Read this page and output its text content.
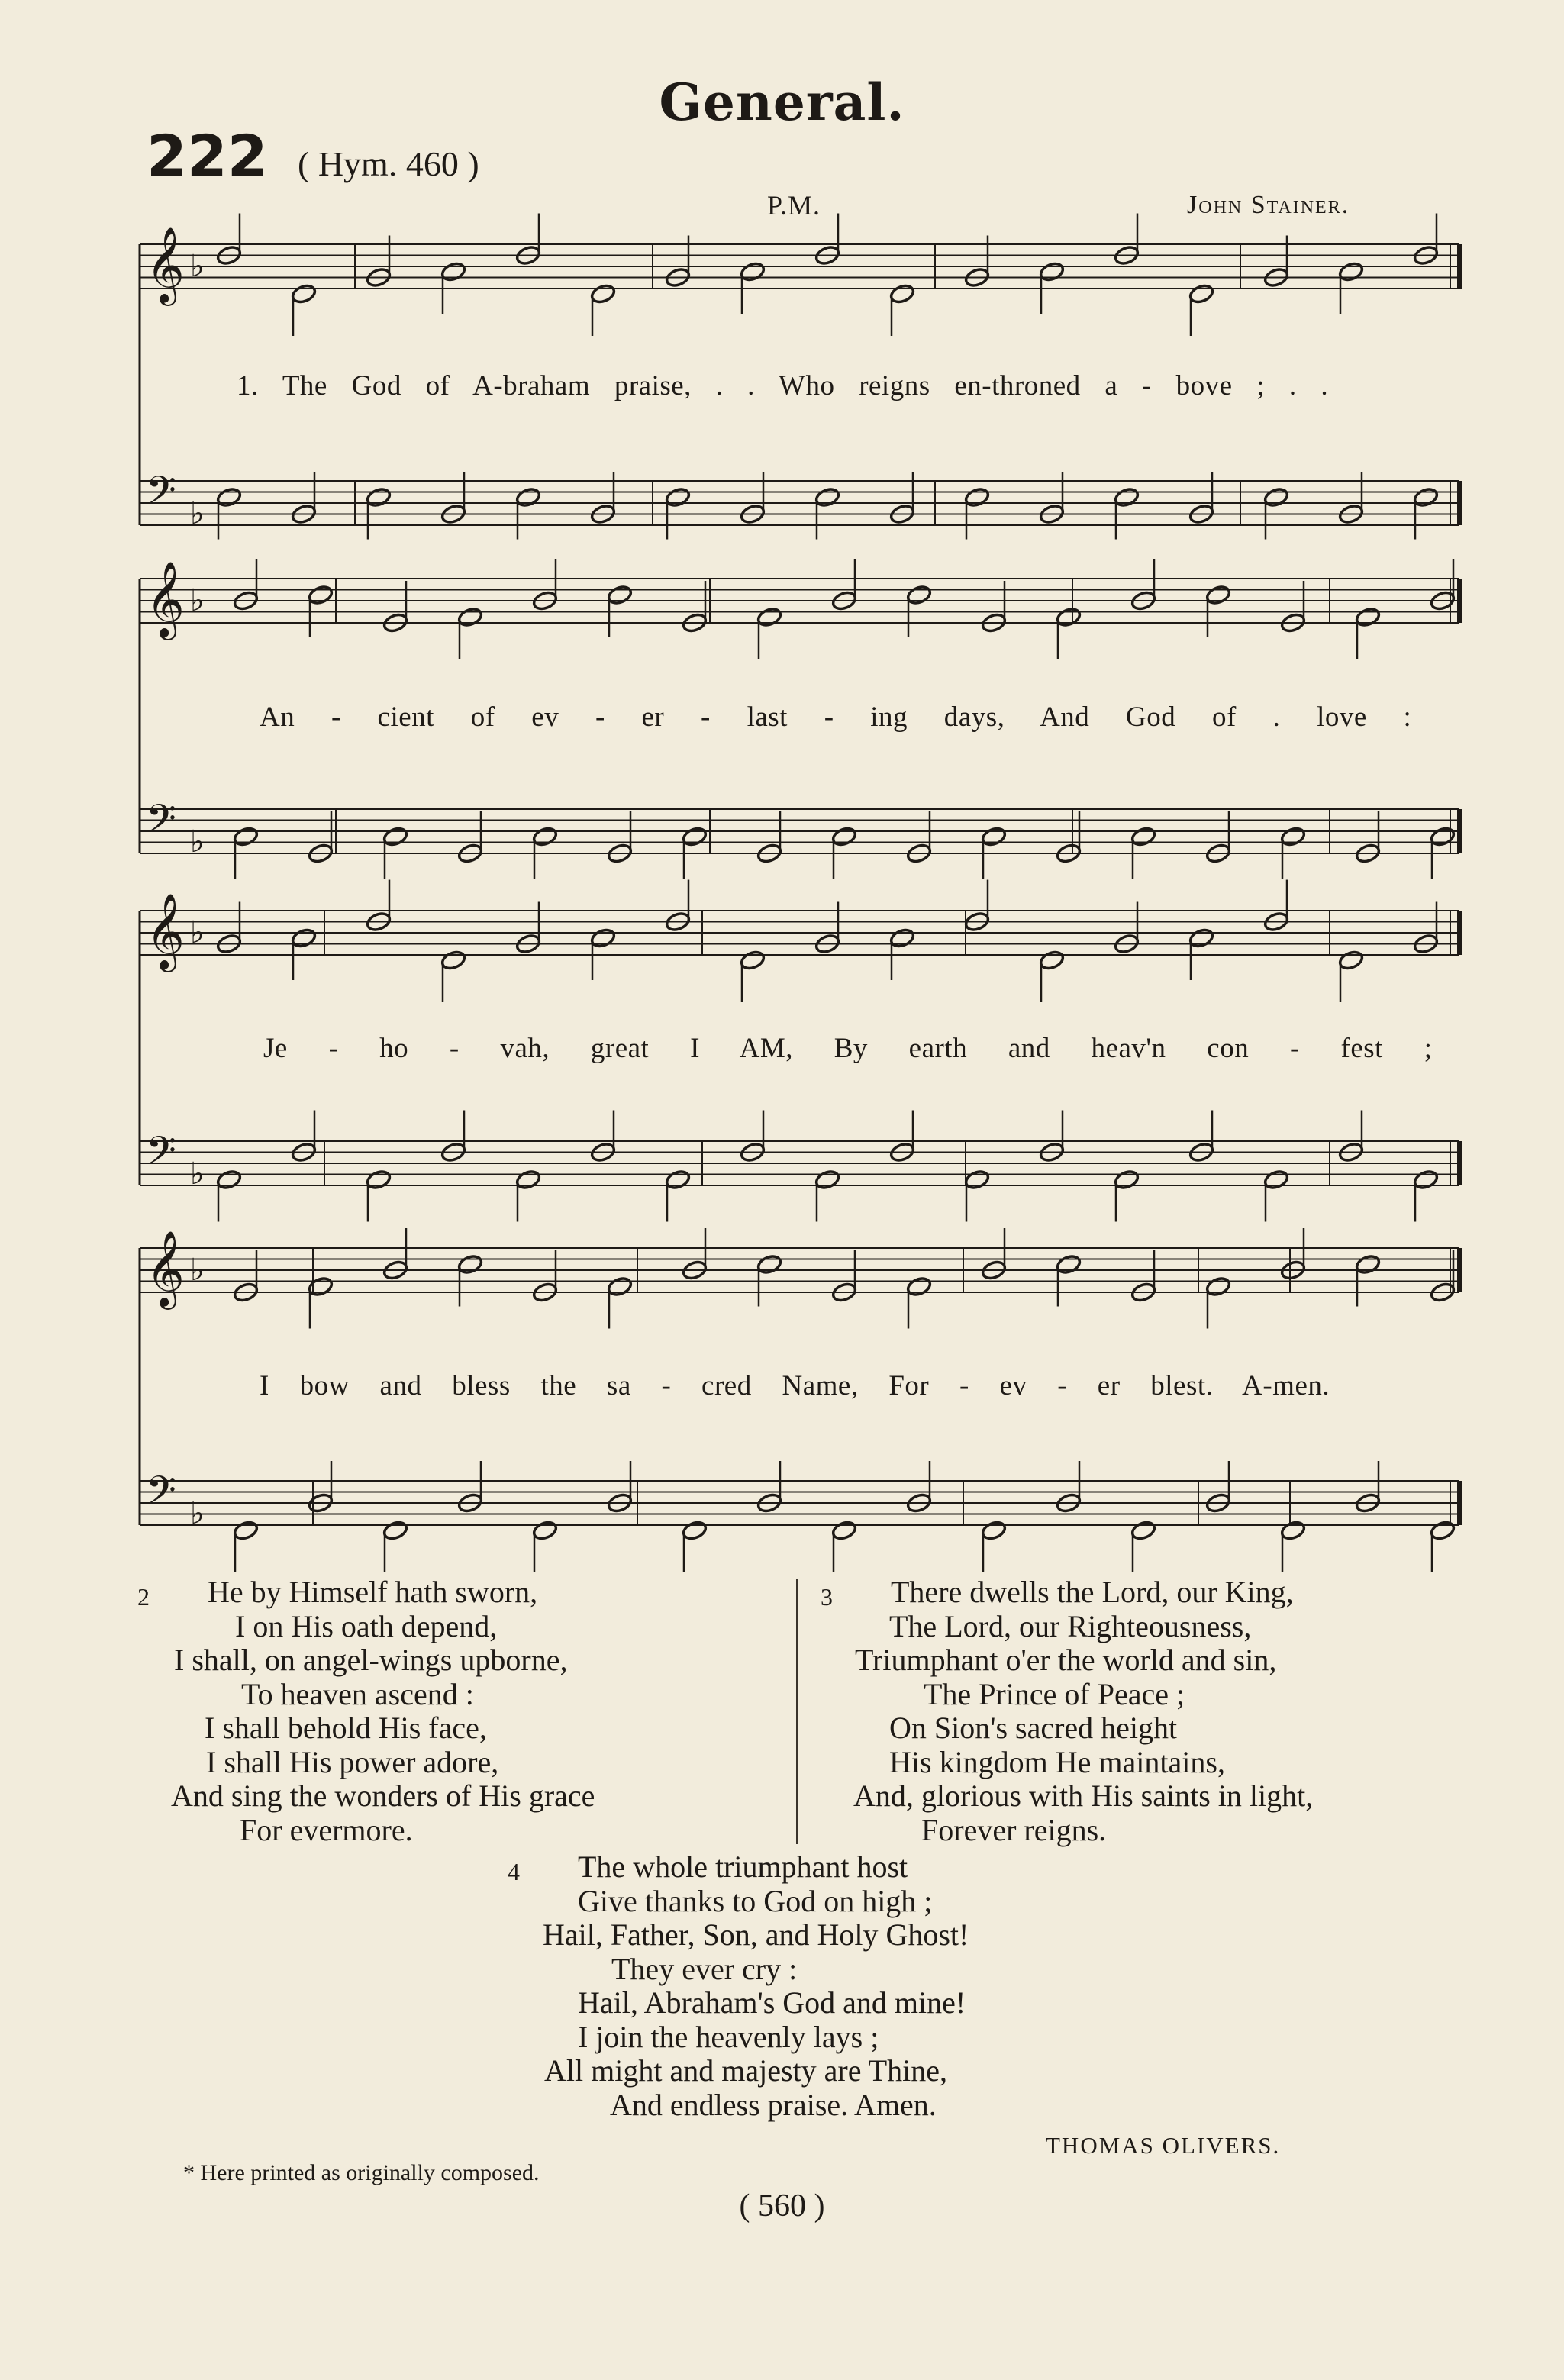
General.
222 ( Hym. 460 )
P.M.	John Stainer.
𝄞 ♭
𝄢 ♭
𝄞 ♭
𝄢 ♭
𝄞 ♭
𝄢 ♭
𝄞 ♭
𝄢 ♭
1. The God of A-braham praise, . . Who reigns en-throned a - bove ; . .
An - cient of ev - er - last - ing days, And God of . love :
Je - ho - vah, great I AM, By earth and heav'n con - fest ;
I bow and bless the sa - cred Name, For - ev - er blest. A-men.
2 He by Himself hath sworn,
I on His oath depend,
I shall, on angel-wings upborne,
To heaven ascend :
I shall behold His face,
I shall His power adore,
And sing the wonders of His grace
For evermore.
3 There dwells the Lord, our King,
The Lord, our Righteousness,
Triumphant o'er the world and sin,
The Prince of Peace ;
On Sion's sacred height
His kingdom He maintains,
And, glorious with His saints in light,
Forever reigns.
4 The whole triumphant host
Give thanks to God on high ;
Hail, Father, Son, and Holy Ghost!
They ever cry :
Hail, Abraham's God and mine!
I join the heavenly lays ;
All might and majesty are Thine,
And endless praise. Amen.
THOMAS OLIVERS.
* Here printed as originally composed.
( 560 )
